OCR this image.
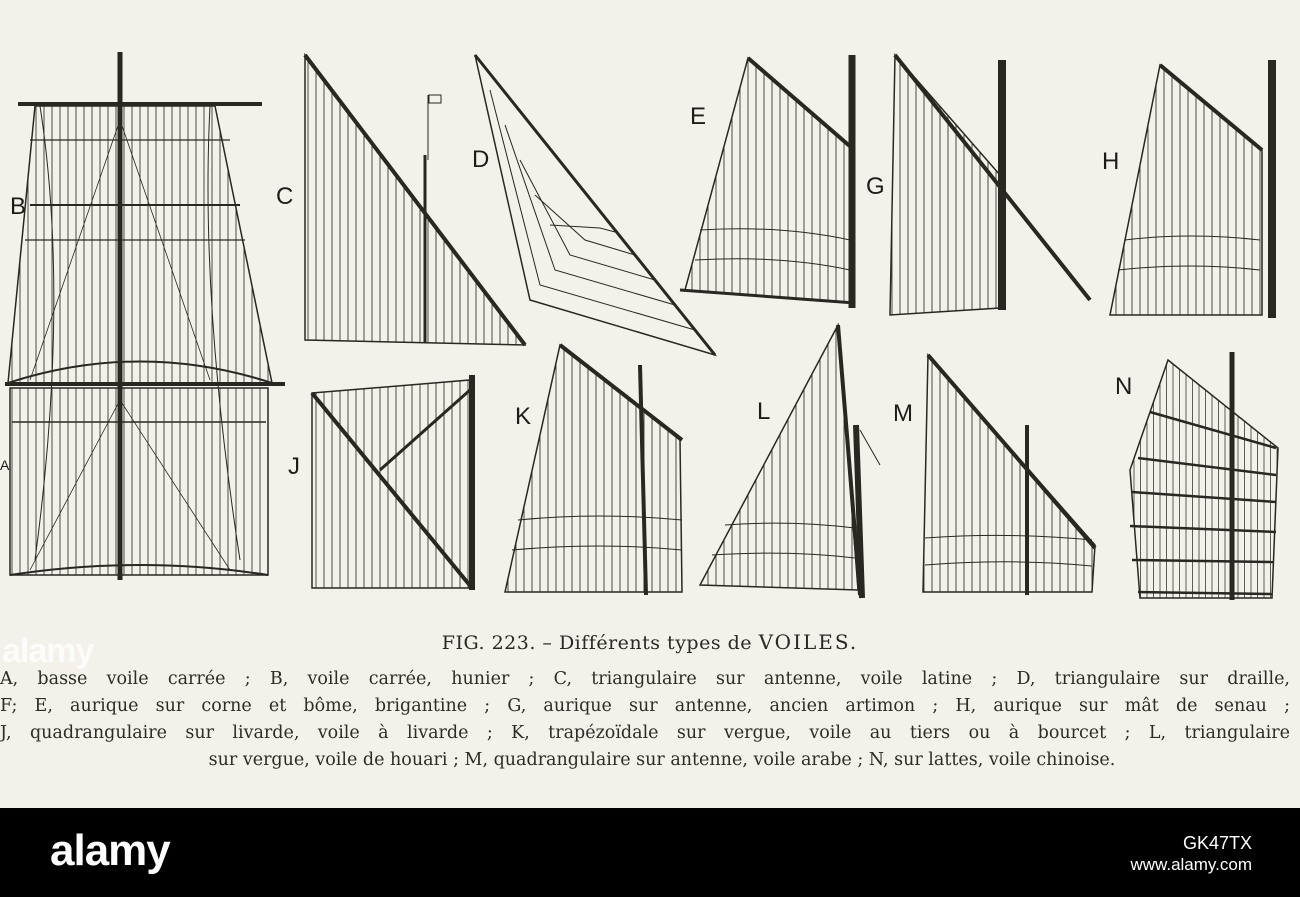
B
A
C
D
E
G
H
J
K	L	M
N
FIG. 223. – Différents types de VOILES.
A, basse voile carrée ; B, voile carrée, hunier ; C, triangulaire sur antenne, voile latine ; D, triangulaire sur draille,
F; E, aurique sur corne et bôme, brigantine ; G, aurique sur antenne, ancien artimon ; H, aurique sur mât de senau ;
J, quadrangulaire sur livarde, voile à livarde ; K, trapézoïdale sur vergue, voile au tiers ou à bourcet ; L, triangulaire
sur vergue, voile de houari ; M, quadrangulaire sur antenne, voile arabe ; N, sur lattes, voile chinoise.
alamy
alamy	GK47TX
www.alamy.com
